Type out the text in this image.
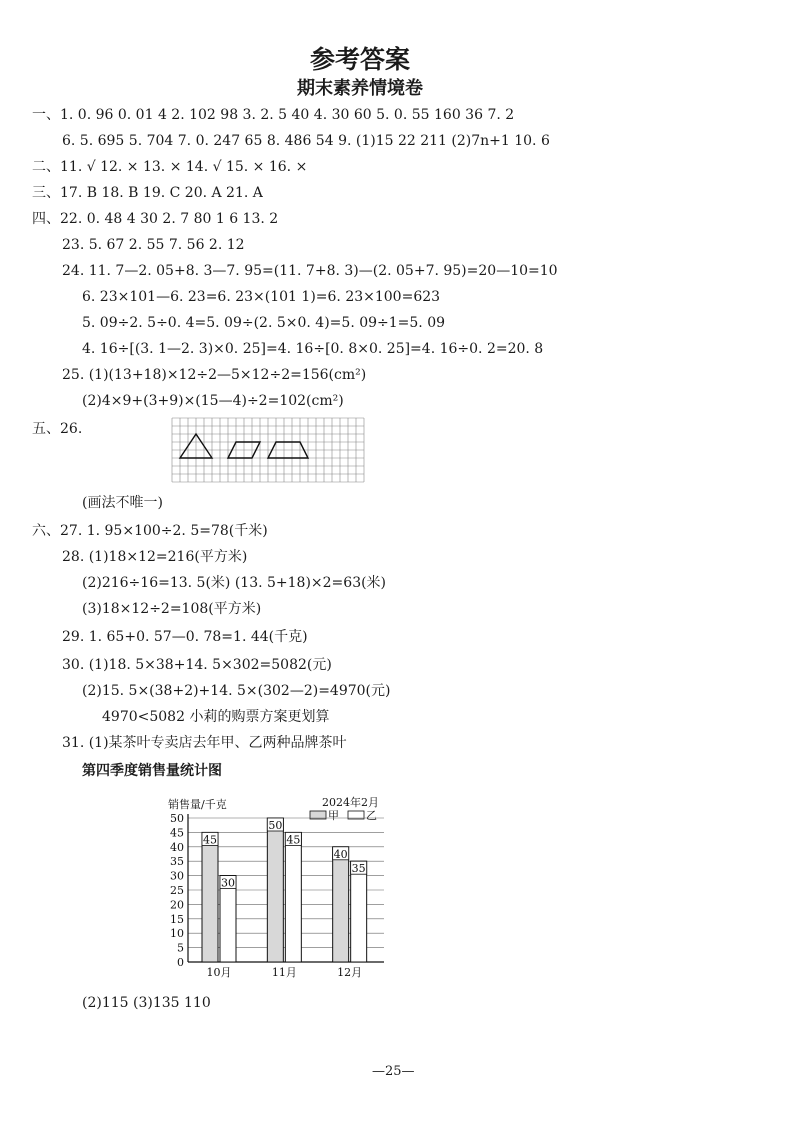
参考答案
期末素养情境卷
一、1. 0. 96 0. 01 4 2. 102 98 3. 2. 5 40 4. 30 60 5. 0. 55 160 36 7. 2
6. 5. 695 5. 704 7. 0. 247 65 8. 486 54 9. (1)15 22 211 (2)7n+1 10. 6
二、11. √ 12. × 13. × 14. √ 15. × 16. ×
三、17. B 18. B 19. C 20. A 21. A
四、22. 0. 48 4 30 2. 7 80 1 6 13. 2
23. 5. 67 2. 55 7. 56 2. 12
24. 11. 7—2. 05+8. 3—7. 95=(11. 7+8. 3)—(2. 05+7. 95)=20—10=10
6. 23×101—6. 23=6. 23×(101 1)=6. 23×100=623
5. 09÷2. 5÷0. 4=5. 09÷(2. 5×0. 4)=5. 09÷1=5. 09
4. 16÷[(3. 1—2. 3)×0. 25]=4. 16÷[0. 8×0. 25]=4. 16÷0. 2=20. 8
25. (1)(13+18)×12÷2—5×12÷2=156(cm²)
(2)4×9+(3+9)×(15—4)÷2=102(cm²)
五、26.
(画法不唯一)
六、27. 1. 95×100÷2. 5=78(千米)
28. (1)18×12=216(平方米)
(2)216÷16=13. 5(米) (13. 5+18)×2=63(米)
(3)18×12÷2=108(平方米)
29. 1. 65+0. 57—0. 78=1. 44(千克)
30. (1)18. 5×38+14. 5×302=5082(元)
(2)15. 5×(38+2)+14. 5×(302—2)=4970(元)
4970<5082 小莉的购票方案更划算
31. (1)某茶叶专卖店去年甲、乙两种品牌茶叶
第四季度销售量统计图
销售量/千克	2024年2月
甲 乙
0
5
10
15
20
25
30
35
40
45
50
45
30
10月
50
45
11月
40
35
12月
(2)115 (3)135 110
—25—
